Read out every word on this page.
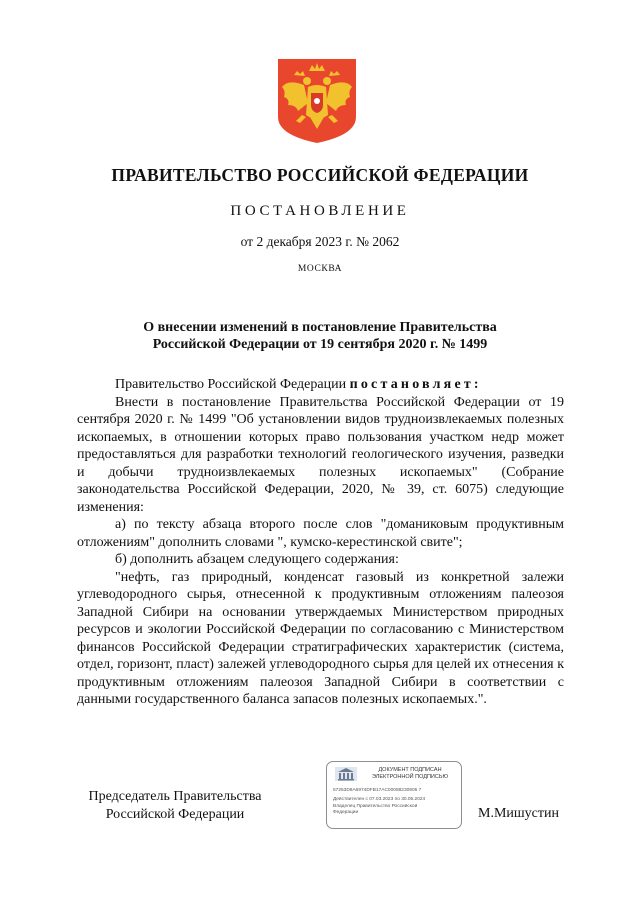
ПРАВИТЕЛЬСТВО РОССИЙСКОЙ ФЕДЕРАЦИИ
ПОСТАНОВЛЕНИЕ
от 2 декабря 2023 г. № 2062
МОСКВА
О внесении изменений в постановление Правительства
Российской Федерации от 19 сентября 2020 г. № 1499

Правительство Российской Федерации постановляет:

Внести в постановление Правительства Российской Федерации от 19 сентября 2020 г. № 1499 "Об установлении видов трудноизвлекаемых полезных ископаемых, в отношении которых право пользования участком недр может предоставляться для разработки технологий геологического изучения, разведки и добычи трудноизвлекаемых полезных ископаемых" (Собрание законодательства Российской Федерации, 2020, № 39, ст. 6075) следующие изменения:

а) по тексту абзаца второго после слов "доманиковым продуктивным отложениям" дополнить словами ", кумско-керестинской свите";

б) дополнить абзацем следующего содержания:

"нефть, газ природный, конденсат газовый из конкретной залежи углеводородного сырья, отнесенной к продуктивным отложениям палеозоя Западной Сибири на основании утверждаемых Министерством природных ресурсов и экологии Российской Федерации по согласованию с Министерством финансов Российской Федерации стратиграфических характеристик (система, отдел, горизонт, пласт) залежей углеводородного сырья для целей их отнесения к продуктивным отложениям палеозоя Западной Сибири в соответствии с данными государственного баланса запасов полезных ископаемых.".

Председатель Правительства
Российской Федерации
ДОКУМЕНТ ПОДПИСАН
ЭЛЕКТРОННОЙ ПОДПИСЬЮ
57253D9A6974DFB17AC00088230905 7
Действителен с 07.03.2023 по 30.05.2024
Владелец Правительство Российской
Федерации	М.Мишустин
